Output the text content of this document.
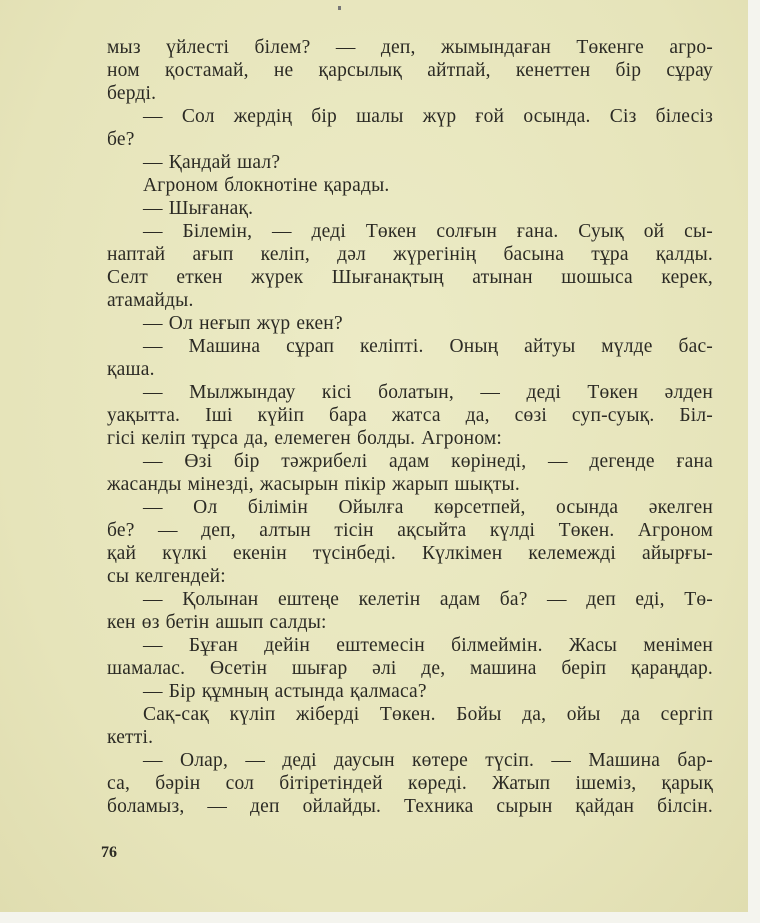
мыз үйлесті білем? — деп, жымындаған Төкенге агро-
ном қостамай, не қарсылық айтпай, кенеттен бір сұрау
берді.
— Сол жердің бір шалы жүр ғой осында. Сіз білесіз
бе?
— Қандай шал?
Агроном блокнотіне қарады.
— Шығанақ.
— Білемін, — деді Төкен солғын ғана. Суық ой сы-
наптай ағып келіп, дәл жүрегінің басына тұра қалды.
Селт еткен жүрек Шығанақтың атынан шошыса керек,
атамайды.
— Ол неғып жүр екен?
— Машина сұрап келіпті. Оның айтуы мүлде бас-
қаша.
— Мылжындау кісі болатын, — деді Төкен әлден
уақытта. Іші күйіп бара жатса да, сөзі суп-суық. Біл-
гісі келіп тұрса да, елемеген болды. Агроном:
— Өзі бір тәжрибелі адам көрінеді, — дегенде ғана
жасанды мінезді, жасырын пікір жарып шықты.
— Ол білімін Ойылға көрсетпей, осында әкелген
бе? — деп, алтын тісін ақсыйта күлді Төкен. Агроном
қай күлкі екенін түсінбеді. Күлкімен келемежді айырғы-
сы келгендей:
— Қолынан ештеңе келетін адам ба? — деп еді, Тө-
кен өз бетін ашып салды:
— Бұған дейін ештемесін білмеймін. Жасы менімен
шамалас. Өсетін шығар әлі де, машина беріп қараңдар.
— Бір құмның астында қалмаса?
Сақ-сақ күліп жіберді Төкен. Бойы да, ойы да сергіп
кетті.
— Олар, — деді даусын көтере түсіп. — Машина бар-
са, бәрін сол бітіретіндей көреді. Жатып ішеміз, қарық
боламыз, — деп ойлайды. Техника сырын қайдан білсін.
76
